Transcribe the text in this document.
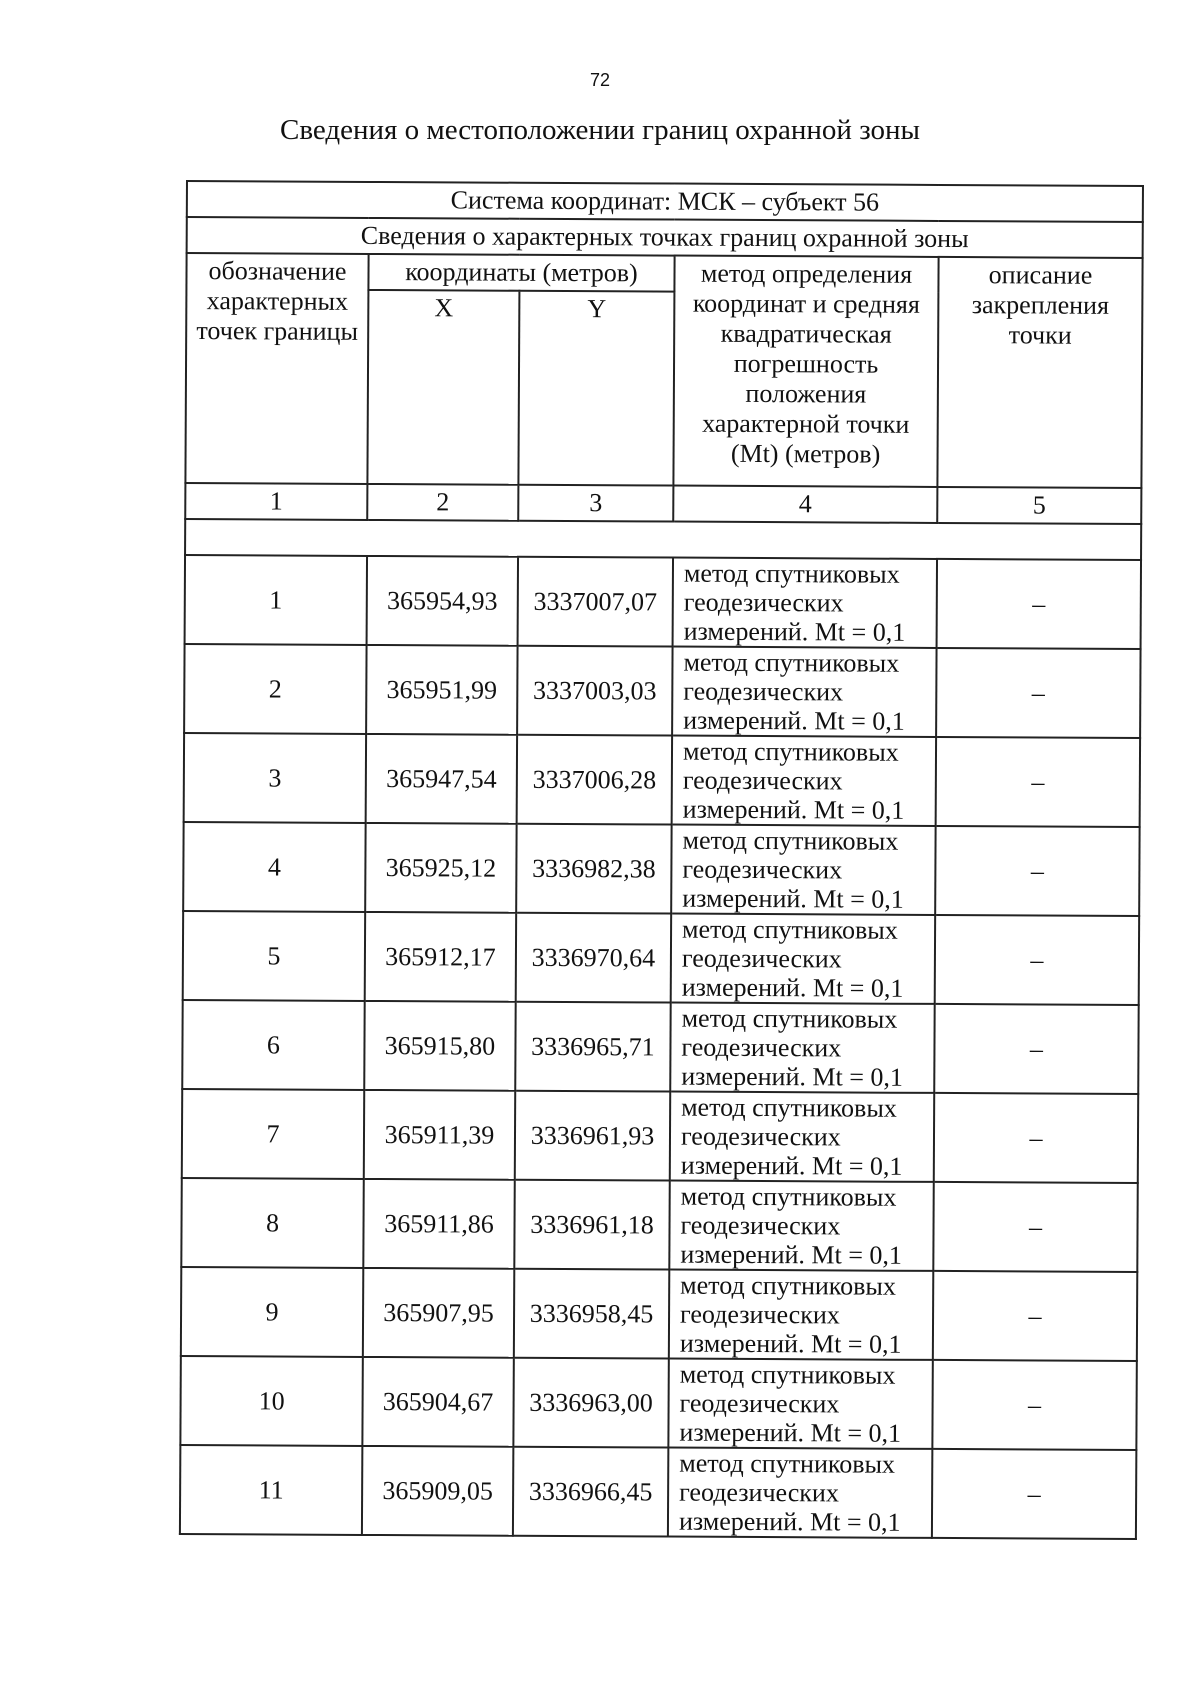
72
Сведения о местоположении границ охранной зоны
Система координат: МСК – субъект 56				
Сведения о характерных точках границ охранной зоны				
обозначение характерных точек границы	координаты (метров)		метод определения координат и средняя квадратическая погрешность положения характерной точки (Mt) (метров)	описание закрепления точки
	X	Y		
1	2	3	4	5

1	365954,93	3337007,07	метод спутниковых
геодезических
измерений. Mt = 0,1	–
2	365951,99	3337003,03	метод спутниковых
геодезических
измерений. Mt = 0,1	–
3	365947,54	3337006,28	метод спутниковых
геодезических
измерений. Mt = 0,1	–
4	365925,12	3336982,38	метод спутниковых
геодезических
измерений. Mt = 0,1	–
5	365912,17	3336970,64	метод спутниковых
геодезических
измерений. Mt = 0,1	–
6	365915,80	3336965,71	метод спутниковых
геодезических
измерений. Mt = 0,1	–
7	365911,39	3336961,93	метод спутниковых
геодезических
измерений. Mt = 0,1	–
8	365911,86	3336961,18	метод спутниковых
геодезических
измерений. Mt = 0,1	–
9	365907,95	3336958,45	метод спутниковых
геодезических
измерений. Mt = 0,1	–
10	365904,67	3336963,00	метод спутниковых
геодезических
измерений. Mt = 0,1	–
11	365909,05	3336966,45	метод спутниковых
геодезических
измерений. Mt = 0,1	–
